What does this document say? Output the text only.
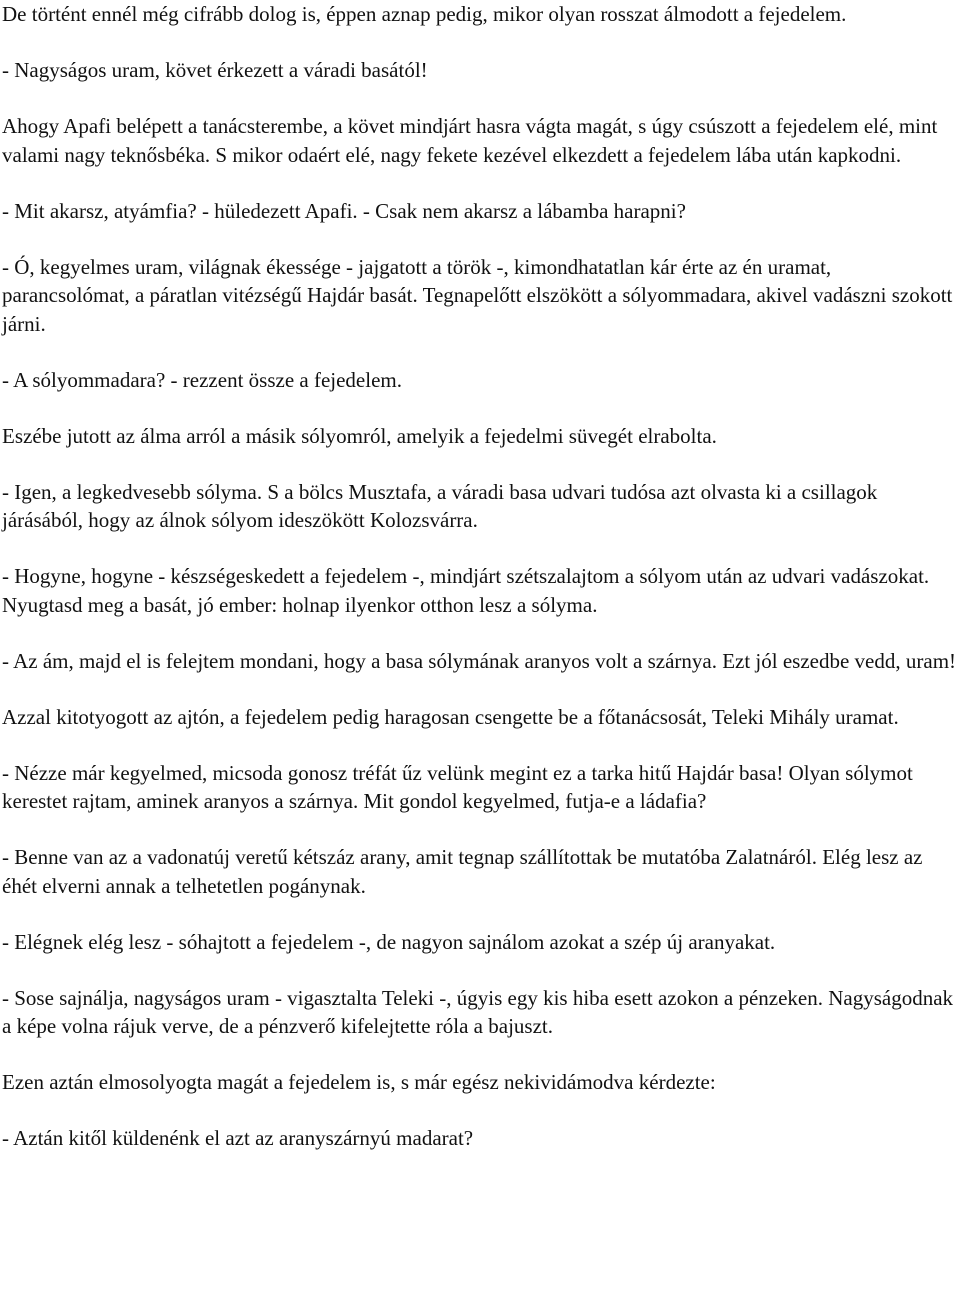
De történt ennél még cifrább dolog is, éppen aznap pedig, mikor olyan rosszat álmodott a fejedelem.

- Nagyságos uram, követ érkezett a váradi basától!

Ahogy Apafi belépett a tanácsterembe, a követ mindjárt hasra vágta magát, s úgy csúszott a fejedelem elé, mint valami nagy teknősbéka. S mikor odaért elé, nagy fekete kezével elkezdett a fejedelem lába után kapkodni.

- Mit akarsz, atyámfia? - hüledezett Apafi. - Csak nem akarsz a lábamba harapni?

- Ó, kegyelmes uram, világnak ékessége - jajgatott a török -, kimondhatatlan kár érte az én uramat, parancsolómat, a páratlan vitézségű Hajdár basát. Tegnapelőtt elszökött a sólyommadara, akivel vadászni szokott járni.

- A sólyommadara? - rezzent össze a fejedelem.

Eszébe jutott az álma arról a másik sólyomról, amelyik a fejedelmi süvegét elrabolta.

- Igen, a legkedvesebb sólyma. S a bölcs Musztafa, a váradi basa udvari tudósa azt olvasta ki a csillagok járásából, hogy az álnok sólyom ideszökött Kolozsvárra.

- Hogyne, hogyne - készségeskedett a fejedelem -, mindjárt szétszalajtom a sólyom után az udvari vadászokat. Nyugtasd meg a basát, jó ember: holnap ilyenkor otthon lesz a sólyma.

- Az ám, majd el is felejtem mondani, hogy a basa sólymának aranyos volt a szárnya. Ezt jól eszedbe vedd, uram!

Azzal kitotyogott az ajtón, a fejedelem pedig haragosan csengette be a főtanácsosát, Teleki Mihály uramat.

- Nézze már kegyelmed, micsoda gonosz tréfát űz velünk megint ez a tarka hitű Hajdár basa! Olyan sólymot kerestet rajtam, aminek aranyos a szárnya. Mit gondol kegyelmed, futja-e a ládafia?

- Benne van az a vadonatúj veretű kétszáz arany, amit tegnap szállítottak be mutatóba Zalatnáról. Elég lesz az éhét elverni annak a telhetetlen pogánynak.

- Elégnek elég lesz - sóhajtott a fejedelem -, de nagyon sajnálom azokat a szép új aranyakat.

- Sose sajnálja, nagyságos uram - vigasztalta Teleki -, úgyis egy kis hiba esett azokon a pénzeken. Nagyságodnak a képe volna rájuk verve, de a pénzverő kifelejtette róla a bajuszt.

Ezen aztán elmosolyogta magát a fejedelem is, s már egész nekividámodva kérdezte:

- Aztán kitől küldenénk el azt az aranyszárnyú madarat?
